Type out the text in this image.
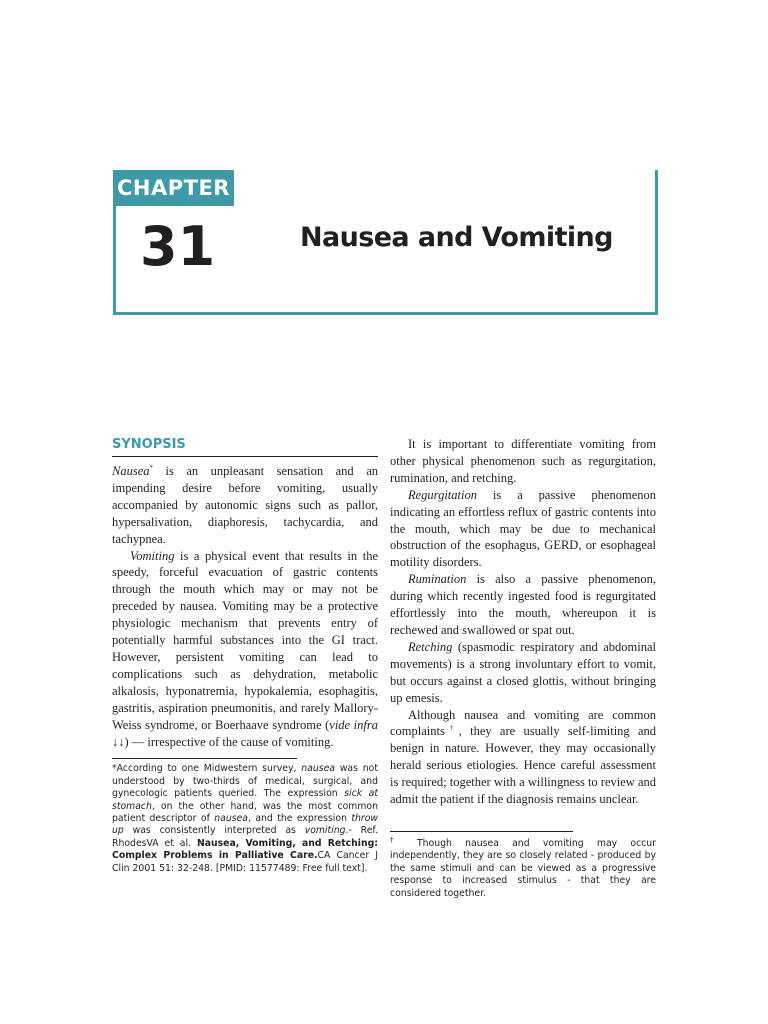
CHAPTER
31	Nausea and Vomiting
SYNOPSIS

Nausea* is an unpleasant sensation and an impending desire before vomiting, usually accompanied by autonomic signs such as pallor, hypersalivation, diaphoresis, tachycardia, and tachypnea.

Vomiting is a physical event that results in the speedy, forceful evacuation of gastric contents through the mouth which may or may not be preceded by nausea. Vomiting may be a protective physiologic mechanism that prevents entry of potentially harmful substances into the GI tract. However, persistent vomiting can lead to complications such as dehydration, metabolic alkalosis, hyponatremia, hypokalemia, esophagitis, gastritis, aspiration pneumonitis, and rarely Mallory-Weiss syndrome, or Boerhaave syndrome (vide infra ↓↓) — irrespective of the cause of vomiting.

*According to one Midwestern survey, nausea was not understood by two-thirds of medical, surgical, and gynecologic patients queried. The expression sick at stomach, on the other hand, was the most common patient descriptor of nausea, and the expression throw up was consistently interpreted as vomiting.- Ref. RhodesVA et al. Nausea, Vomiting, and Retching: Complex Problems in Palliative Care.CA Cancer J Clin 2001 51: 32-248. [PMID: 11577489: Free full text].

It is important to differentiate vomiting from other physical phenomenon such as regurgitation, rumination, and retching.

Regurgitation is a passive phenomenon indicating an effortless reflux of gastric contents into the mouth, which may be due to mechanical obstruction of the esophagus, GERD, or esophageal motility disorders.

Rumination is also a passive phenomenon, during which recently ingested food is regurgitated effortlessly into the mouth, whereupon it is rechewed and swallowed or spat out.

Retching (spasmodic respiratory and abdominal movements) is a strong involuntary effort to vomit, but occurs against a closed glottis, without bringing up emesis.

Although nausea and vomiting are common complaints†, they are usually self-limiting and benign in nature. However, they may occasionally herald serious etiologies. Hence careful assessment is required; together with a willingness to review and admit the patient if the diagnosis remains unclear.

† Though nausea and vomiting may occur independently, they are so closely related - produced by the same stimuli and can be viewed as a progressive response to increased stimulus - that they are considered together.
